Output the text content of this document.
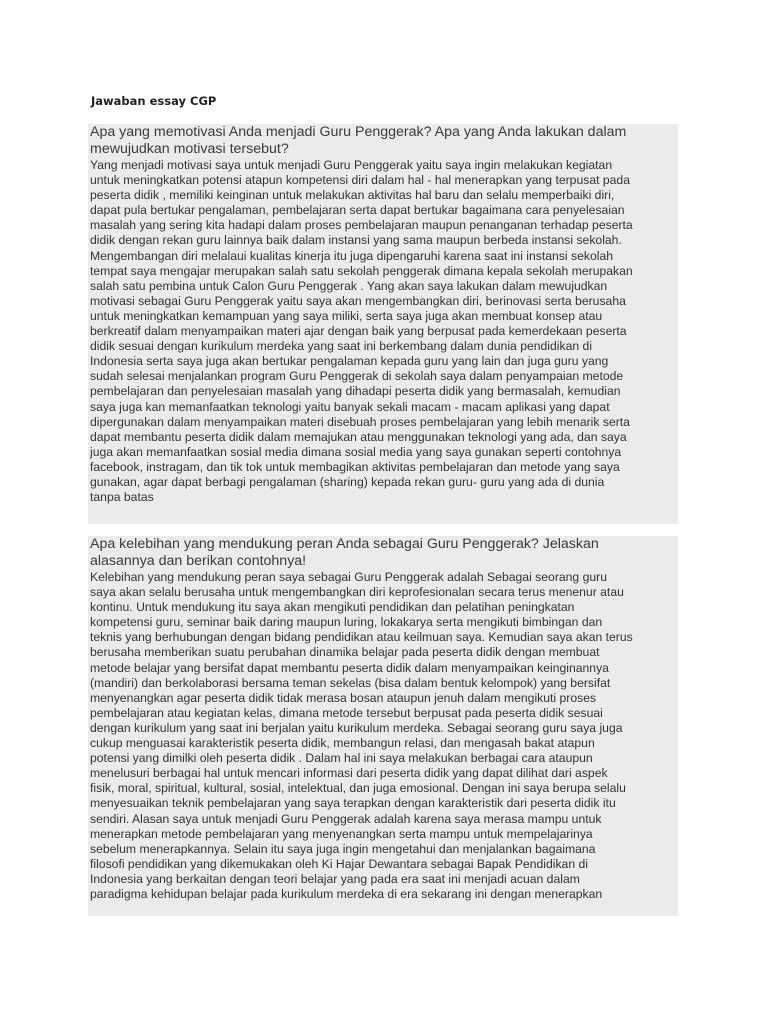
Jawaban essay CGP
Apa yang memotivasi Anda menjadi Guru Penggerak? Apa yang Anda lakukan dalam
mewujudkan motivasi tersebut?
Yang menjadi motivasi saya untuk menjadi Guru Penggerak yaitu saya ingin melakukan kegiatan
untuk meningkatkan potensi atapun kompetensi diri dalam hal - hal menerapkan yang terpusat pada
peserta didik , memiliki keinginan untuk melakukan aktivitas hal baru dan selalu memperbaiki diri,
dapat pula bertukar pengalaman, pembelajaran serta dapat bertukar bagaimana cara penyelesaian
masalah yang sering kita hadapi dalam proses pembelajaran maupun penanganan terhadap peserta
didik dengan rekan guru lainnya baik dalam instansi yang sama maupun berbeda instansi sekolah.
Mengembangan diri melalaui kualitas kinerja itu juga dipengaruhi karena saat ini instansi sekolah
tempat saya mengajar merupakan salah satu sekolah penggerak dimana kepala sekolah merupakan
salah satu pembina untuk Calon Guru Penggerak . Yang akan saya lakukan dalam mewujudkan
motivasi sebagai Guru Penggerak yaitu saya akan mengembangkan diri, berinovasi serta berusaha
untuk meningkatkan kemampuan yang saya miliki, serta saya juga akan membuat konsep atau
berkreatif dalam menyampaikan materi ajar dengan baik yang berpusat pada kemerdekaan peserta
didik sesuai dengan kurikulum merdeka yang saat ini berkembang dalam dunia pendidikan di
Indonesia serta saya juga akan bertukar pengalaman kepada guru yang lain dan juga guru yang
sudah selesai menjalankan program Guru Penggerak di sekolah saya dalam penyampaian metode
pembelajaran dan penyelesaian masalah yang dihadapi peserta didik yang bermasalah, kemudian
saya juga kan memanfaatkan teknologi yaitu banyak sekali macam - macam aplikasi yang dapat
dipergunakan dalam menyampaikan materi disebuah proses pembelajaran yang lebih menarik serta
dapat membantu peserta didik dalam memajukan atau menggunakan teknologi yang ada, dan saya
juga akan memanfaatkan sosial media dimana sosial media yang saya gunakan seperti contohnya
facebook, instragam, dan tik tok untuk membagikan aktivitas pembelajaran dan metode yang saya
gunakan, agar dapat berbagi pengalaman (sharing) kepada rekan guru- guru yang ada di dunia
tanpa batas
Apa kelebihan yang mendukung peran Anda sebagai Guru Penggerak? Jelaskan
alasannya dan berikan contohnya!
Kelebihan yang mendukung peran saya sebagai Guru Penggerak adalah Sebagai seorang guru
saya akan selalu berusaha untuk mengembangkan diri keprofesionalan secara terus menenur atau
kontinu. Untuk mendukung itu saya akan mengikuti pendidikan dan pelatihan peningkatan
kompetensi guru, seminar baik daring maupun luring, lokakarya serta mengikuti bimbingan dan
teknis yang berhubungan dengan bidang pendidikan atau keilmuan saya. Kemudian saya akan terus
berusaha memberikan suatu perubahan dinamika belajar pada peserta didik dengan membuat
metode belajar yang bersifat dapat membantu peserta didik dalam menyampaikan keinginannya
(mandiri) dan berkolaborasi bersama teman sekelas (bisa dalam bentuk kelompok) yang bersifat
menyenangkan agar peserta didik tidak merasa bosan ataupun jenuh dalam mengikuti proses
pembelajaran atau kegiatan kelas, dimana metode tersebut berpusat pada peserta didik sesuai
dengan kurikulum yang saat ini berjalan yaitu kurikulum merdeka. Sebagai seorang guru saya juga
cukup menguasai karakteristik peserta didik, membangun relasi, dan mengasah bakat atapun
potensi yang dimilki oleh peserta didik . Dalam hal ini saya melakukan berbagai cara ataupun
menelusuri berbagai hal untuk mencari informasi dari peserta didik yang dapat dilihat dari aspek
fisik, moral, spiritual, kultural, sosial, intelektual, dan juga emosional. Dengan ini saya berupa selalu
menyesuaikan teknik pembelajaran yang saya terapkan dengan karakteristik dari peserta didik itu
sendiri. Alasan saya untuk menjadi Guru Penggerak adalah karena saya merasa mampu untuk
menerapkan metode pembelajaran yang menyenangkan serta mampu untuk mempelajarinya
sebelum menerapkannya. Selain itu saya juga ingin mengetahui dan menjalankan bagaimana
filosofi pendidikan yang dikemukakan oleh Ki Hajar Dewantara sebagai Bapak Pendidikan di
Indonesia yang berkaitan dengan teori belajar yang pada era saat ini menjadi acuan dalam
paradigma kehidupan belajar pada kurikulum merdeka di era sekarang ini dengan menerapkan
